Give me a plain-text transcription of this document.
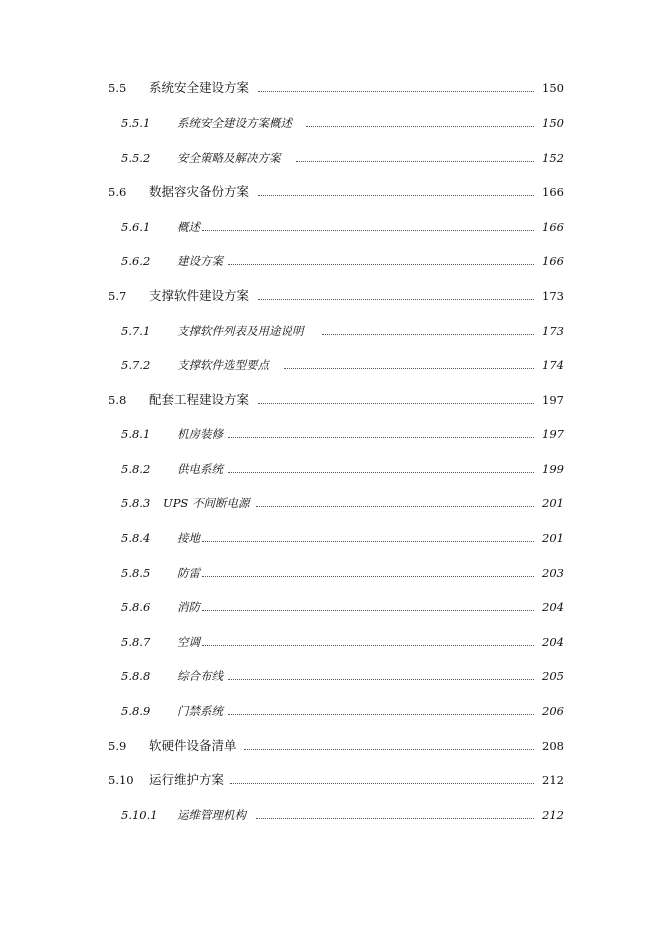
5.5 系统安全建设方案	150
5.5.1 系统安全建设方案概述	150
5.5.2 安全策略及解决方案	152
5.6 数据容灾备份方案	166
5.6.1 概述	166
5.6.2 建设方案	166
5.7 支撑软件建设方案	173
5.7.1 支撑软件列表及用途说明	173
5.7.2 支撑软件选型要点	174
5.8 配套工程建设方案	197
5.8.1 机房装修	197
5.8.2 供电系统	199
5.8.3 UPS 不间断电源	201
5.8.4 接地	201
5.8.5 防雷	203
5.8.6 消防	204
5.8.7 空调	204
5.8.8 综合布线	205
5.8.9 门禁系统	206
5.9 软硬件设备清单	208
5.10 运行维护方案	212
5.10.1 运维管理机构	212
